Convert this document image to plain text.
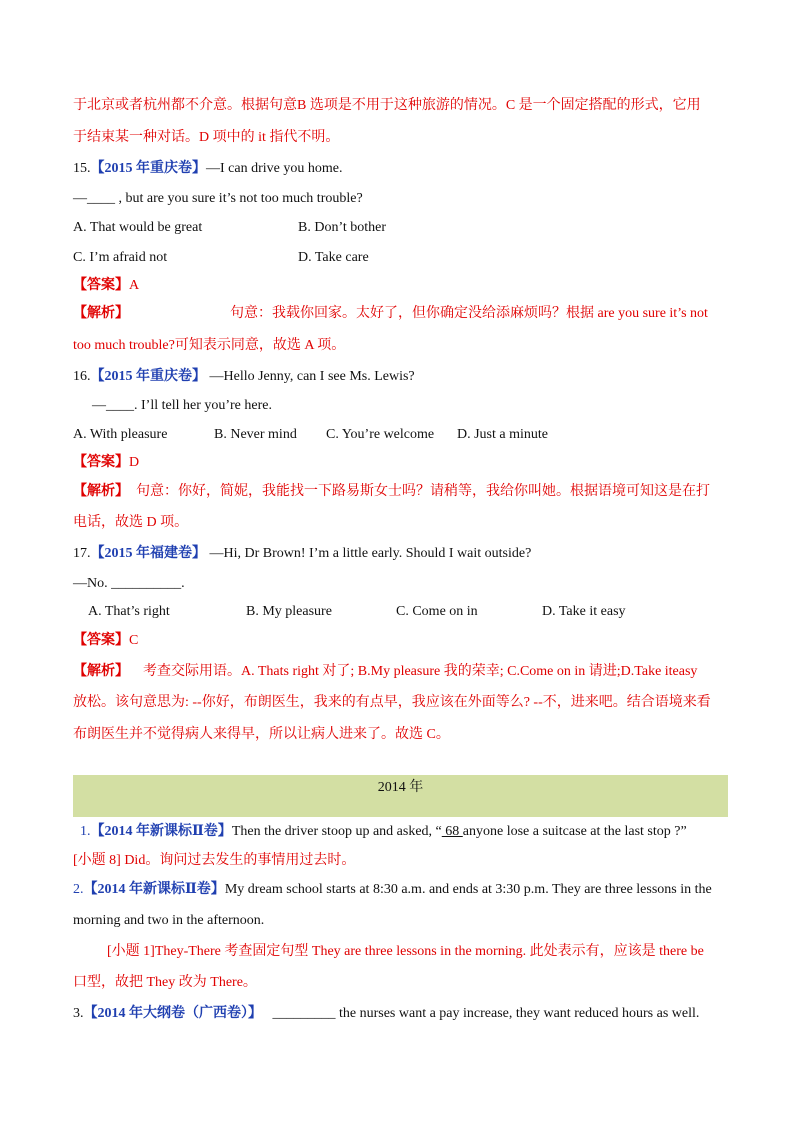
于北京或者杭州都不介意。根据句意B 选项是不用于这种旅游的情况。C 是一个固定搭配的形式，它用
于结束某一种对话。D 项中的 it 指代不明。
15.【2015 年重庆卷】—I can drive you home.
—____ , but are you sure it’s not too much trouble?
A. That would be great	B. Don’t bother
C. I’m afraid not	D. Take care
【答案】A
【解析】	句意：我载你回家。太好了，但你确定没给添麻烦吗？根据 are you sure it’s not
too much trouble?可知表示同意，故选 A 项。
16.【2015 年重庆卷】 —Hello Jenny, can I see Ms. Lewis?
—____. I’ll tell her you’re here.
A. With pleasure	B. Never mind C. You’re welcome D. Just a minute
【答案】D
【解析】 句意：你好，简妮，我能找一下路易斯女士吗？请稍等，我给你叫她。根据语境可知这是在打
电话，故选 D 项。
17.【2015 年福建卷】 —Hi, Dr Brown! I’m a little early. Should I wait outside?
—No. __________.
A. That’s right	B. My pleasure	C. Come on in	D. Take it easy
【答案】C
【解析】 考查交际用语。A. Thats right 对了; B.My pleasure 我的荣幸; C.Come on in 请进;D.Take iteasy
放松。该句意思为: --你好，布朗医生，我来的有点早，我应该在外面等么? --不，进来吧。结合语境来看
布朗医生并不觉得病人来得早，所以让病人进来了。故选 C。
2014 年
1.【2014 年新课标Ⅱ卷】Then the driver stoop up and asked, “ 68 anyone lose a suitcase at the last stop ?”
[小题 8] Did。询问过去发生的事情用过去时。
2.【2014 年新课标Ⅱ卷】My dream school starts at 8:30 a.m. and ends at 3:30 p.m. They are three lessons in the
morning and two in the afternoon.
[小题 1]They-There 考查固定句型 They are three lessons in the morning. 此处表示有，应该是 there be
口型，故把 They 改为 There。
3.【2014 年大纲卷（广西卷）】   _________ the nurses want a pay increase, they want reduced hours as well.
